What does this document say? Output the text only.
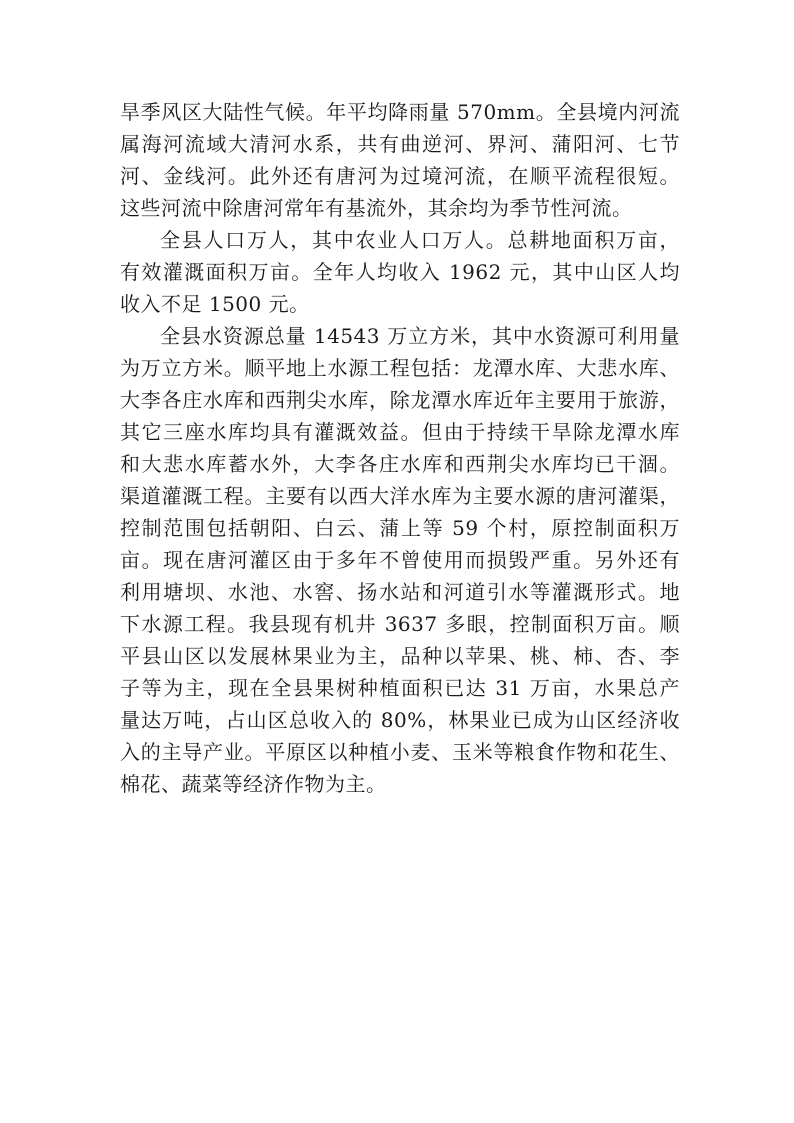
旱季风区大陆性气候。年平均降雨量 570mm。全县境内河流
属海河流域大清河水系，共有曲逆河、界河、蒲阳河、七节
河、金线河。此外还有唐河为过境河流，在顺平流程很短。
这些河流中除唐河常年有基流外，其余均为季节性河流。

全县人口万人，其中农业人口万人。总耕地面积万亩，
有效灌溉面积万亩。全年人均收入 1962 元，其中山区人均
收入不足 1500 元。

全县水资源总量 14543 万立方米，其中水资源可利用量
为万立方米。顺平地上水源工程包括：龙潭水库、大悲水库、
大李各庄水库和西荆尖水库，除龙潭水库近年主要用于旅游，
其它三座水库均具有灌溉效益。但由于持续干旱除龙潭水库
和大悲水库蓄水外，大李各庄水库和西荆尖水库均已干涸。
渠道灌溉工程。主要有以西大洋水库为主要水源的唐河灌渠，
控制范围包括朝阳、白云、蒲上等 59 个村，原控制面积万
亩。现在唐河灌区由于多年不曾使用而损毁严重。另外还有
利用塘坝、水池、水窖、扬水站和河道引水等灌溉形式。地
下水源工程。我县现有机井 3637 多眼，控制面积万亩。顺
平县山区以发展林果业为主，品种以苹果、桃、柿、杏、李
子等为主，现在全县果树种植面积已达 31 万亩，水果总产
量达万吨，占山区总收入的 80%，林果业已成为山区经济收
入的主导产业。平原区以种植小麦、玉米等粮食作物和花生、
棉花、蔬菜等经济作物为主。
